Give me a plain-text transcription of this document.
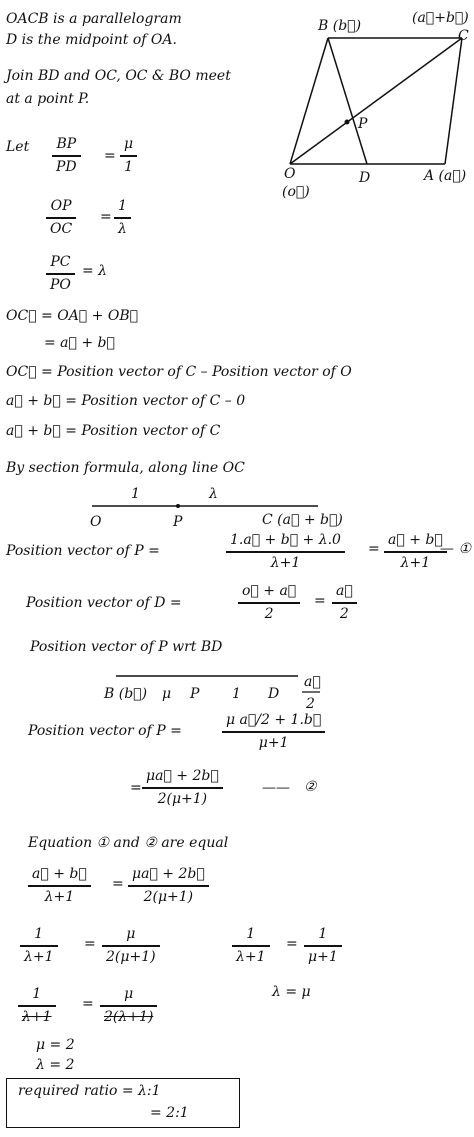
OACB is a parallelogram
D is the midpoint of OA.
Join BD and OC, OC & BO meet
at a point P.
B (b⃗)	(a⃗+b⃗)
C
P
O
(o⃗)
D	A (a⃗)
Let BP
PD
=
μ
1
OP
OC
=
1
λ
PC
PO
= λ
OC⃗ = OA⃗ + OB⃗
= a⃗ + b⃗
OC⃗ = Position vector of C – Position vector of O
a⃗ + b⃗ = Position vector of C – 0
a⃗ + b⃗ = Position vector of C
By section formula, along line OC
1	λ
O	P	C (a⃗ + b⃗)
Position vector of P =
1.a⃗ + b⃗ + λ.0
λ+1
=
a⃗ + b⃗
λ+1
— ①
Position vector of D =
o⃗ + a⃗
2
=
a⃗
2
Position vector of P wrt BD
B (b⃗) μ P 1 D
a⃗
2
Position vector of P =
μ a⃗/2 + 1.b⃗
μ+1
=
μa⃗ + 2b⃗
2(μ+1)
—— ②
Equation ① and ② are equal
a⃗ + b⃗
λ+1
=
μa⃗ + 2b⃗
2(μ+1)
1
λ+1
=
μ
2(μ+1)
1
λ+1
=
1
μ+1
λ = μ
1
λ+1
=
μ
2(λ+1)
μ = 2
λ = 2
required ratio = λ:1
= 2:1
